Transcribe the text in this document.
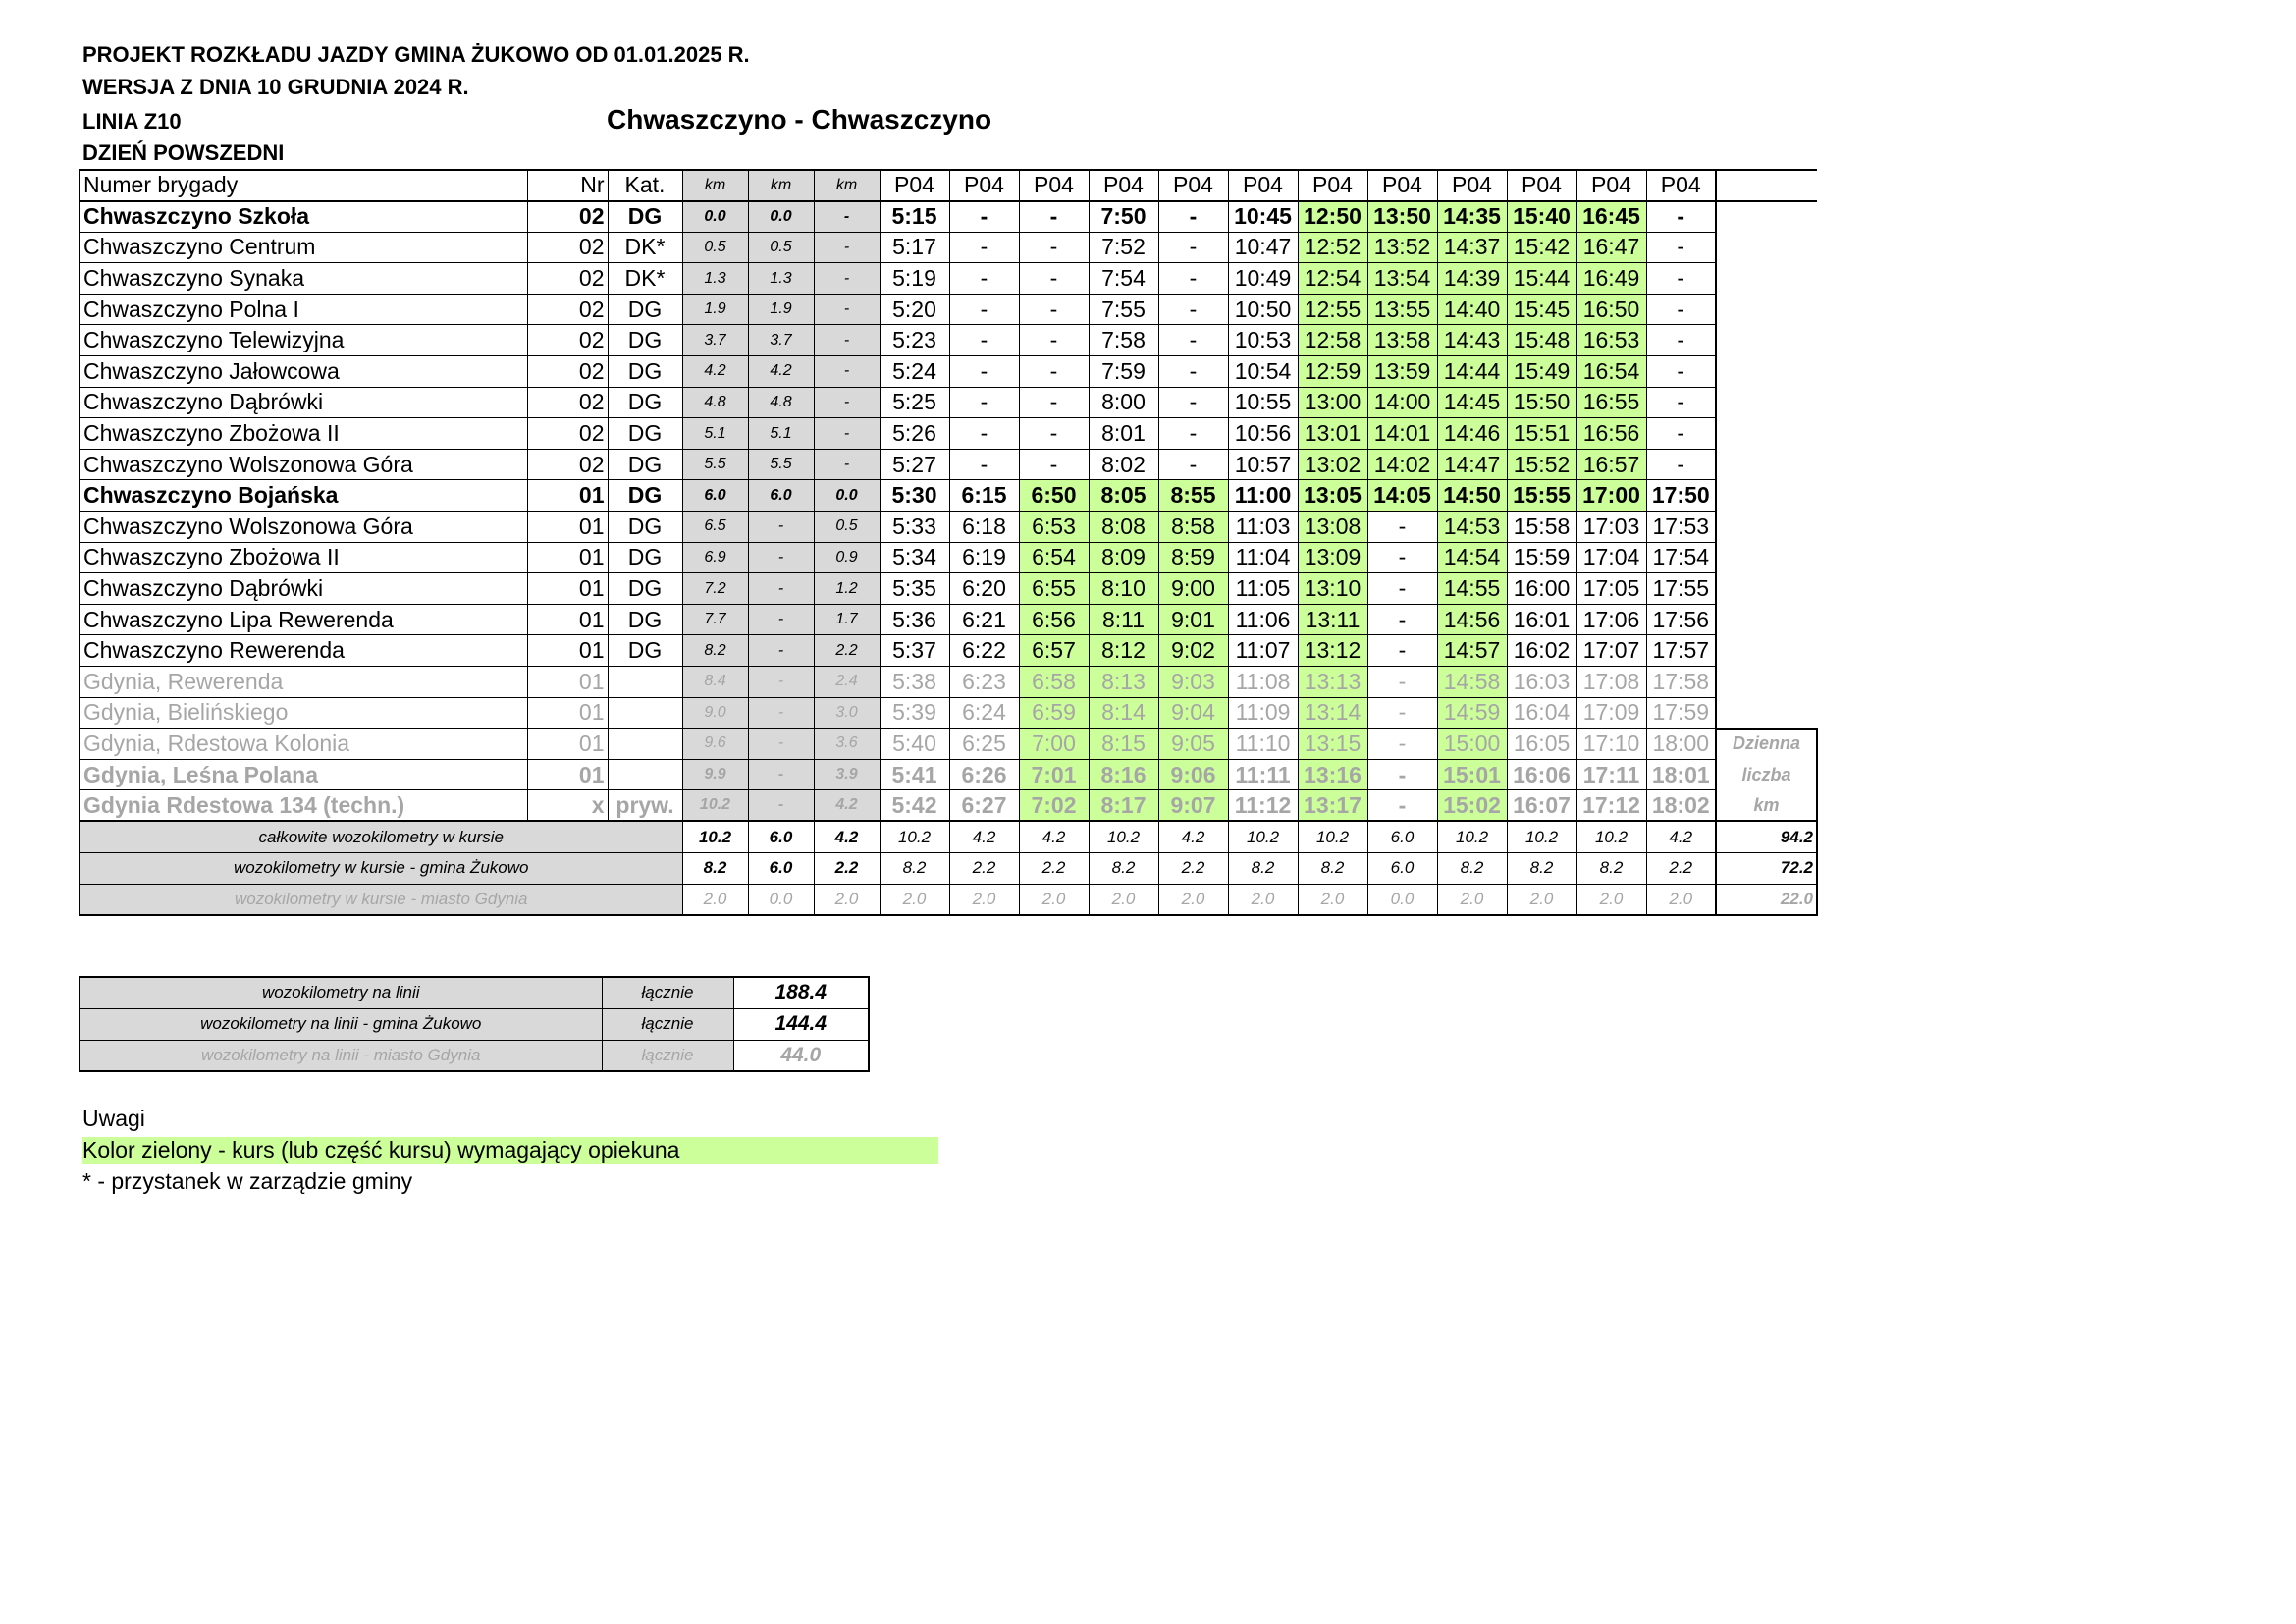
PROJEKT ROZKŁADU JAZDY GMINA ŻUKOWO OD 01.01.2025 R.
WERSJA Z DNIA 10 GRUDNIA 2024 R.
LINIA Z10
DZIEŃ POWSZEDNI
Chwaszczyno - Chwaszczyno
Numer brygady	Nr	Kat.	km	km	km	P04	P04	P04	P04	P04	P04	P04	P04	P04	P04	P04	P04	
Chwaszczyno Szkoła	02	DG	0.0	0.0	-	5:15	-	-	7:50	-	10:45	12:50	13:50	14:35	15:40	16:45	-	
Chwaszczyno Centrum	02	DK*	0.5	0.5	-	5:17	-	-	7:52	-	10:47	12:52	13:52	14:37	15:42	16:47	-	
Chwaszczyno Synaka	02	DK*	1.3	1.3	-	5:19	-	-	7:54	-	10:49	12:54	13:54	14:39	15:44	16:49	-	
Chwaszczyno Polna I	02	DG	1.9	1.9	-	5:20	-	-	7:55	-	10:50	12:55	13:55	14:40	15:45	16:50	-	
Chwaszczyno Telewizyjna	02	DG	3.7	3.7	-	5:23	-	-	7:58	-	10:53	12:58	13:58	14:43	15:48	16:53	-	
Chwaszczyno Jałowcowa	02	DG	4.2	4.2	-	5:24	-	-	7:59	-	10:54	12:59	13:59	14:44	15:49	16:54	-	
Chwaszczyno Dąbrówki	02	DG	4.8	4.8	-	5:25	-	-	8:00	-	10:55	13:00	14:00	14:45	15:50	16:55	-	
Chwaszczyno Zbożowa II	02	DG	5.1	5.1	-	5:26	-	-	8:01	-	10:56	13:01	14:01	14:46	15:51	16:56	-	
Chwaszczyno Wolszonowa Góra	02	DG	5.5	5.5	-	5:27	-	-	8:02	-	10:57	13:02	14:02	14:47	15:52	16:57	-	
Chwaszczyno Bojańska	01	DG	6.0	6.0	0.0	5:30	6:15	6:50	8:05	8:55	11:00	13:05	14:05	14:50	15:55	17:00	17:50	
Chwaszczyno Wolszonowa Góra	01	DG	6.5	-	0.5	5:33	6:18	6:53	8:08	8:58	11:03	13:08	-	14:53	15:58	17:03	17:53	
Chwaszczyno Zbożowa II	01	DG	6.9	-	0.9	5:34	6:19	6:54	8:09	8:59	11:04	13:09	-	14:54	15:59	17:04	17:54	
Chwaszczyno Dąbrówki	01	DG	7.2	-	1.2	5:35	6:20	6:55	8:10	9:00	11:05	13:10	-	14:55	16:00	17:05	17:55	
Chwaszczyno Lipa Rewerenda	01	DG	7.7	-	1.7	5:36	6:21	6:56	8:11	9:01	11:06	13:11	-	14:56	16:01	17:06	17:56	
Chwaszczyno Rewerenda	01	DG	8.2	-	2.2	5:37	6:22	6:57	8:12	9:02	11:07	13:12	-	14:57	16:02	17:07	17:57	
Gdynia, Rewerenda	01		8.4	-	2.4	5:38	6:23	6:58	8:13	9:03	11:08	13:13	-	14:58	16:03	17:08	17:58	
Gdynia, Bielińskiego	01		9.0	-	3.0	5:39	6:24	6:59	8:14	9:04	11:09	13:14	-	14:59	16:04	17:09	17:59	
Gdynia, Rdestowa Kolonia	01		9.6	-	3.6	5:40	6:25	7:00	8:15	9:05	11:10	13:15	-	15:00	16:05	17:10	18:00	Dzienna
Gdynia, Leśna Polana	01		9.9	-	3.9	5:41	6:26	7:01	8:16	9:06	11:11	13:16	-	15:01	16:06	17:11	18:01	liczba
Gdynia Rdestowa 134 (techn.)	x	pryw.	10.2	-	4.2	5:42	6:27	7:02	8:17	9:07	11:12	13:17	-	15:02	16:07	17:12	18:02	km
całkowite wozokilometry w kursie			10.2	6.0	4.2	10.2	4.2	4.2	10.2	4.2	10.2	10.2	6.0	10.2	10.2	10.2	4.2	94.2
wozokilometry w kursie - gmina Żukowo			8.2	6.0	2.2	8.2	2.2	2.2	8.2	2.2	8.2	8.2	6.0	8.2	8.2	8.2	2.2	72.2
wozokilometry w kursie - miasto Gdynia			2.0	0.0	2.0	2.0	2.0	2.0	2.0	2.0	2.0	2.0	0.0	2.0	2.0	2.0	2.0	22.0
wozokilometry na linii	łącznie	188.4
wozokilometry na linii - gmina Żukowo	łącznie	144.4
wozokilometry na linii - miasto Gdynia	łącznie	44.0
Uwagi
Kolor zielony - kurs (lub część kursu) wymagający opiekuna
* - przystanek w zarządzie gminy
